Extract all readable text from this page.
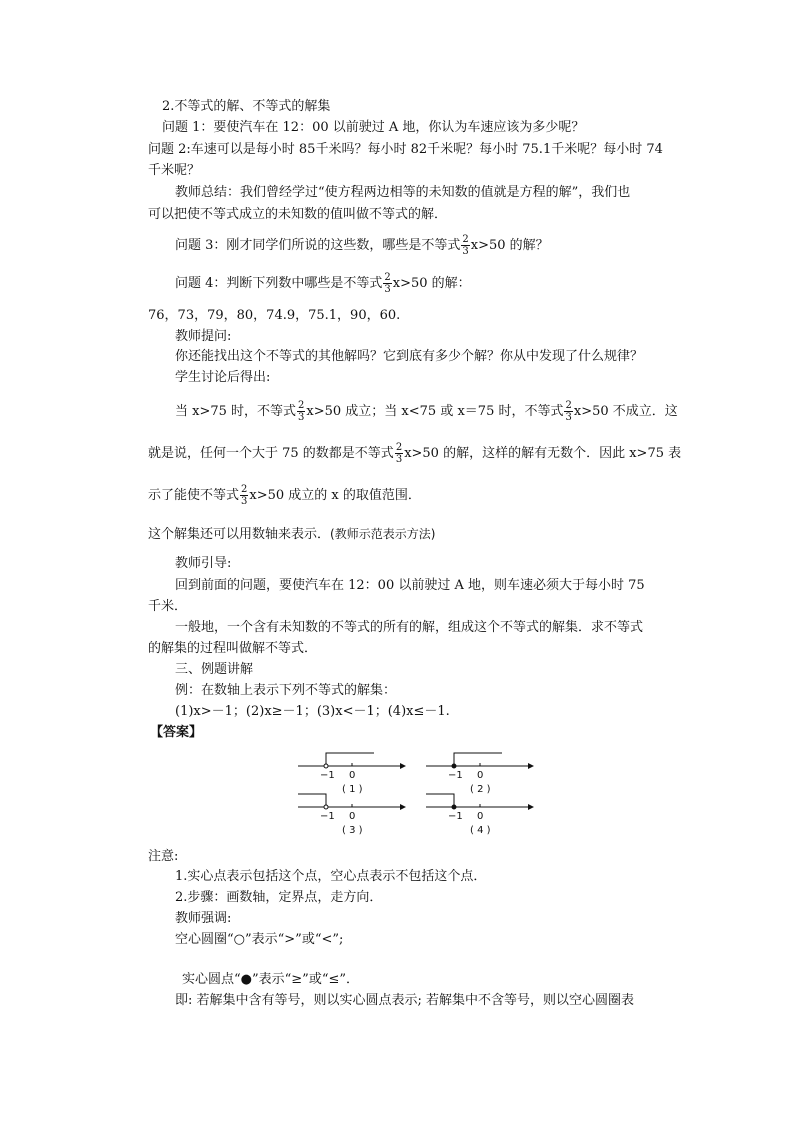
2.不等式的解、不等式的解集
问题 1：要使汽车在 12：00 以前驶过 A 地，你认为车速应该为多少呢？
问题 2:车速可以是每小时 85千米吗？每小时 82千米呢？每小时 75.1千米呢？每小时 74
千米呢？
教师总结：我们曾经学过“使方程两边相等的未知数的值就是方程的解”，我们也
可以把使不等式成立的未知数的值叫做不等式的解．
问题 3：刚才同学们所说的这些数，哪些是不等式 $\frac{2}{3} x>50$ 的解？
问题 4：判断下列数中哪些是不等式 $\frac{2}{3} x>50$ 的解：
76，73，79，80，74.9，75.1，90，60.
教师提问:
你还能找出这个不等式的其他解吗？它到底有多少个解？你从中发现了什么规律？
学生讨论后得出:
当 x>75 时，不等式 $\frac{2}{3} x>50$ 成立；当 x<75 或 x＝75 时，不等式 $\frac{2}{3} x>50$ 不成立．这
就是说，任何一个大于 75 的数都是不等式 $\frac{2}{3} x>50$ 的解，这样的解有无数个．因此 x>75 表
示了能使不等式 $\frac{2}{3} x>50$ 成立的 x 的取值范围．
这个解集还可以用数轴来表示．(教师示范表示方法)
教师引导:
回到前面的问题，要使汽车在 12：00 以前驶过 A 地，则车速必须大于每小时 75
千米．
一般地，一个含有未知数的不等式的所有的解，组成这个不等式的解集．求不等式
的解集的过程叫做解不等式．
三、例题讲解
例：在数轴上表示下列不等式的解集：
(1)x>－1；(2)x≥－1；(3)x<－1；(4)x≤－1.
【答案】
−1 0
( 1 )
−1 0
( 2 )
−1 0
( 3 )
−1 0
( 4 )
注意:
1.实心点表示包括这个点，空心点表示不包括这个点．
2.步骤：画数轴，定界点，走方向．
教师强调:
空心圆圈“○”表示“>”或“<”;
实心圆点“●”表示“≥”或“≤”．
即: 若解集中含有等号，则以实心圆点表示; 若解集中不含等号，则以空心圆圈表
